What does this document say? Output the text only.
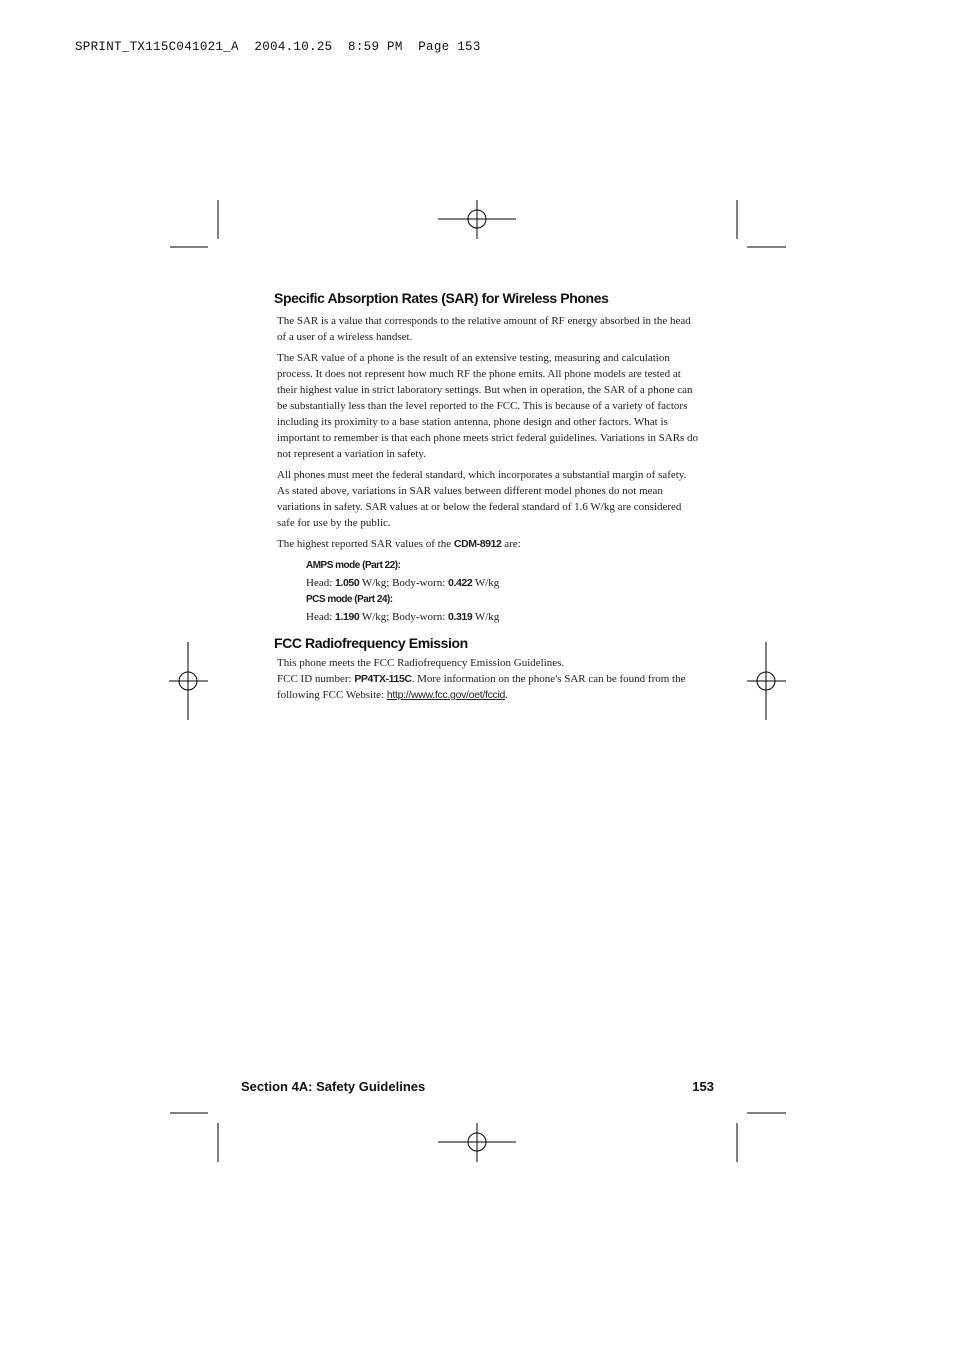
SPRINT_TX115C041021_A  2004.10.25  8:59 PM  Page 153
Specific Absorption Rates (SAR) for Wireless Phones

The SAR is a value that corresponds to the relative amount of RF energy absorbed in the head of a user of a wireless handset.

The SAR value of a phone is the result of an extensive testing, measuring and calculation process. It does not represent how much RF the phone emits. All phone models are tested at their highest value in strict laboratory settings. But when in operation, the SAR of a phone can be substantially less than the level reported to the FCC. This is because of a variety of factors including its proximity to a base station antenna, phone design and other factors. What is important to remember is that each phone meets strict federal guidelines. Variations in SARs do not represent a variation in safety.

All phones must meet the federal standard, which incorporates a substantial margin of safety. As stated above, variations in SAR values between different model phones do not mean variations in safety. SAR values at or below the federal standard of 1.6 W/kg are considered safe for use by the public.

The highest reported SAR values of the CDM-8912 are:

AMPS mode (Part 22):
Head: 1.050 W/kg; Body-worn: 0.422 W/kg
PCS mode (Part 24):
Head: 1.190 W/kg; Body-worn: 0.319 W/kg
FCC Radiofrequency Emission

This phone meets the FCC Radiofrequency Emission Guidelines.

FCC ID number: PP4TX-115C. More information on the phone's SAR can be found from the following FCC Website: http://www.fcc.gov/oet/fccid.

Section 4A: Safety Guidelines	153
